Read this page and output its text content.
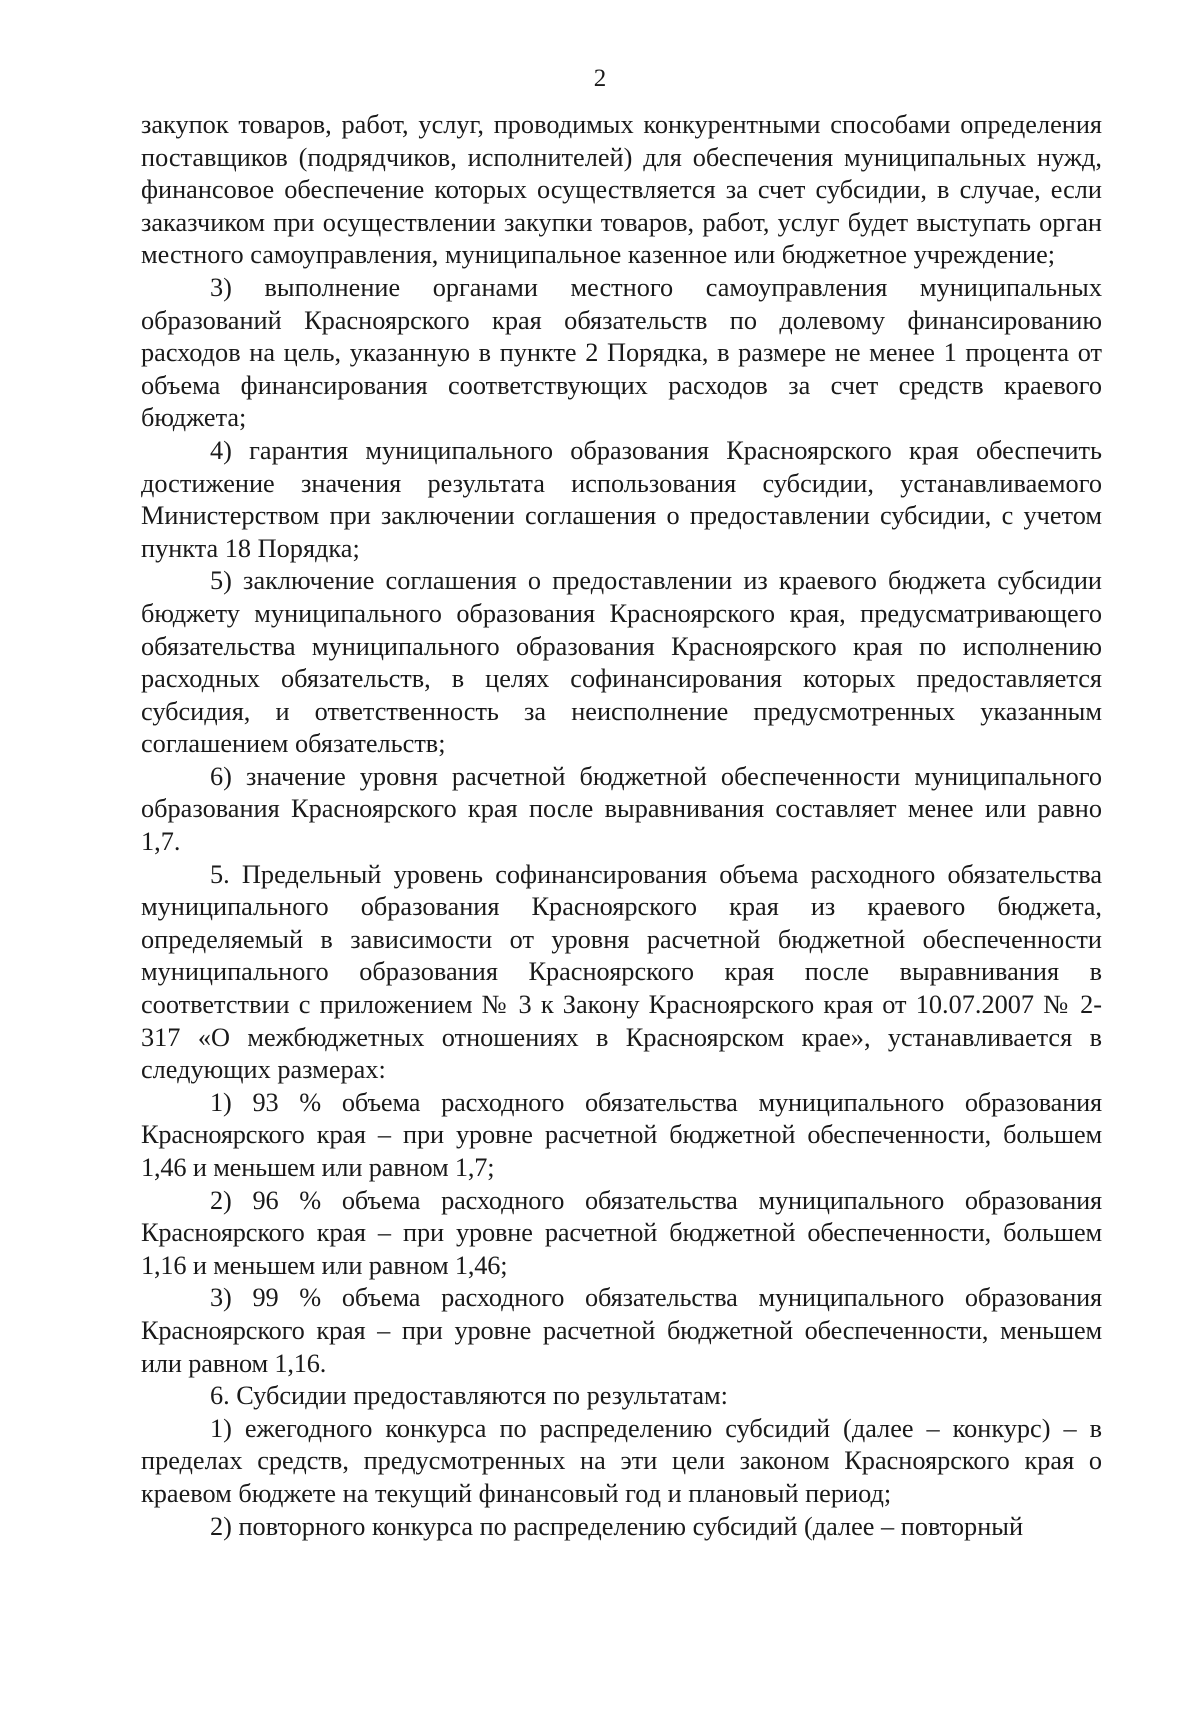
2

закупок товаров, работ, услуг, проводимых конкурентными способами определения поставщиков (подрядчиков, исполнителей) для обеспечения муниципальных нужд, финансовое обеспечение которых осуществляется за счет субсидии, в случае, если заказчиком при осуществлении закупки товаров, работ, услуг будет выступать орган местного самоуправления, муниципальное казенное или бюджетное учреждение;

3) выполнение органами местного самоуправления муниципальных образований Красноярского края обязательств по долевому финансированию расходов на цель, указанную в пункте 2 Порядка, в размере не менее 1 процента от объема финансирования соответствующих расходов за счет средств краевого бюджета;

4) гарантия муниципального образования Красноярского края обеспечить достижение значения результата использования субсидии, устанавливаемого Министерством при заключении соглашения о предоставлении субсидии, с учетом пункта 18 Порядка;

5) заключение соглашения о предоставлении из краевого бюджета субсидии бюджету муниципального образования Красноярского края, предусматривающего обязательства муниципального образования Красноярского края по исполнению расходных обязательств, в целях софинансирования которых предоставляется субсидия, и ответственность за неисполнение предусмотренных указанным соглашением обязательств;

6) значение уровня расчетной бюджетной обеспеченности муниципального образования Красноярского края после выравнивания составляет менее или равно 1,7.

5. Предельный уровень софинансирования объема расходного обязательства муниципального образования Красноярского края из краевого бюджета, определяемый в зависимости от уровня расчетной бюджетной обеспеченности муниципального образования Красноярского края после выравнивания в соответствии с приложением № 3 к Закону Красноярского края от 10.07.2007 № 2-317 «О межбюджетных отношениях в Красноярском крае», устанавливается в следующих размерах:

1) 93 % объема расходного обязательства муниципального образования Красноярского края – при уровне расчетной бюджетной обеспеченности, большем 1,46 и меньшем или равном 1,7;

2) 96 % объема расходного обязательства муниципального образования Красноярского края – при уровне расчетной бюджетной обеспеченности, большем 1,16 и меньшем или равном 1,46;

3) 99 % объема расходного обязательства муниципального образования Красноярского края – при уровне расчетной бюджетной обеспеченности, меньшем или равном 1,16.

6. Субсидии предоставляются по результатам:

1) ежегодного конкурса по распределению субсидий (далее – конкурс) – в пределах средств, предусмотренных на эти цели законом Красноярского края о краевом бюджете на текущий финансовый год и плановый период;

2) повторного конкурса по распределению субсидий (далее – повторный
